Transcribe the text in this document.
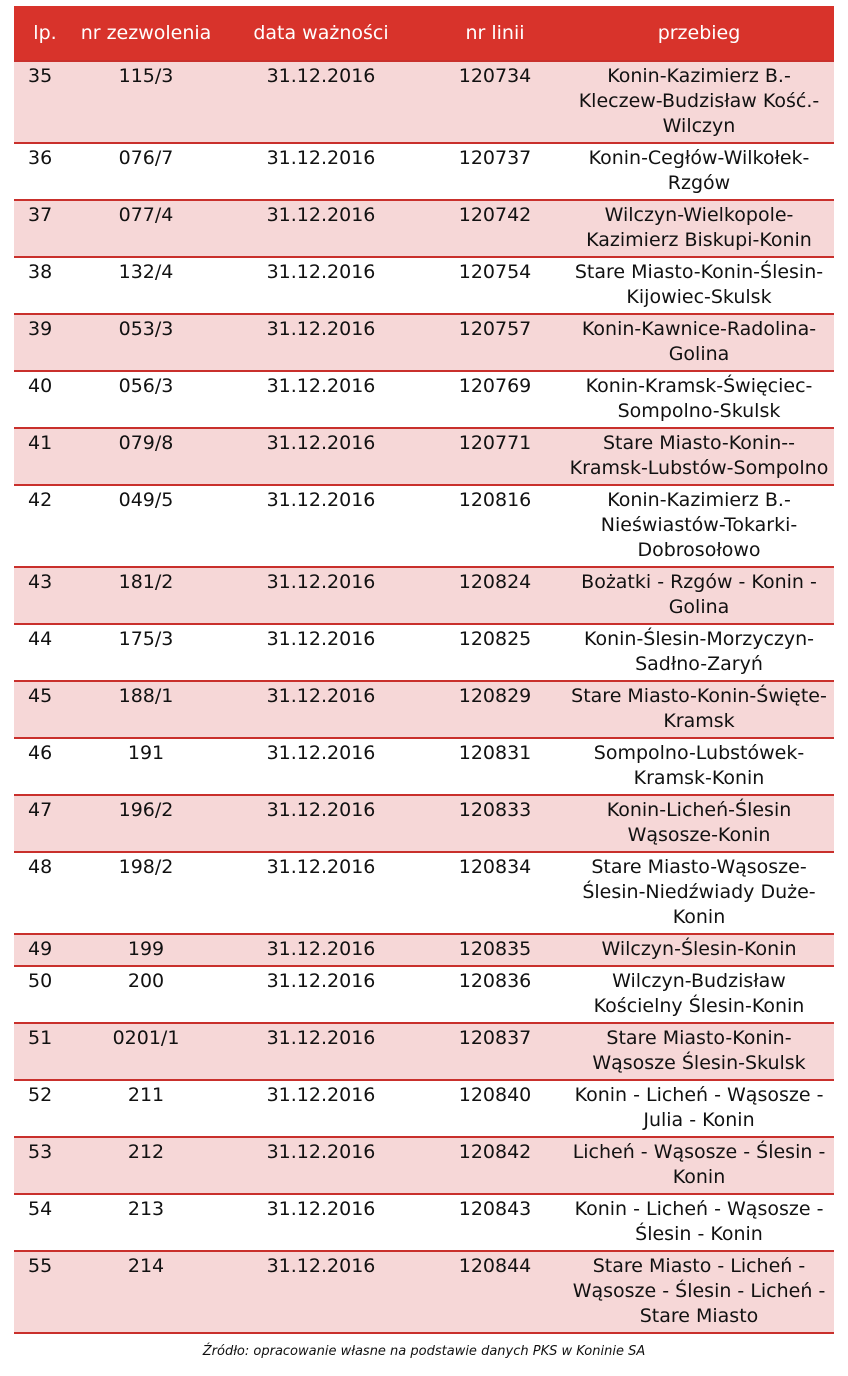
lp.	nr zezwolenia	data ważności	nr linii	przebieg
35	115/3	31.12.2016	120734	Konin-Kazimierz B.-Kleczew-Budzisław Kość.-Wilczyn
36	076/7	31.12.2016	120737	Konin-Cegłów-Wilkołek-Rzgów
37	077/4	31.12.2016	120742	Wilczyn-Wielkopole-Kazimierz Biskupi-Konin
38	132/4	31.12.2016	120754	Stare Miasto-Konin-Ślesin-Kijowiec-Skulsk
39	053/3	31.12.2016	120757	Konin-Kawnice-Radolina-Golina
40	056/3	31.12.2016	120769	Konin-Kramsk-Święciec-Sompolno-Skulsk
41	079/8	31.12.2016	120771	Stare Miasto-Konin--Kramsk-Lubstów-Sompolno
42	049/5	31.12.2016	120816	Konin-Kazimierz B.-Nieświastów-Tokarki-Dobrosołowo
43	181/2	31.12.2016	120824	Bożatki - Rzgów - Konin - Golina
44	175/3	31.12.2016	120825	Konin-Ślesin-Morzyczyn-Sadłno-Zaryń
45	188/1	31.12.2016	120829	Stare Miasto-Konin-Święte-Kramsk
46	191	31.12.2016	120831	Sompolno-Lubstówek-Kramsk-Konin
47	196/2	31.12.2016	120833	Konin-Licheń-Ślesin Wąsosze-Konin
48	198/2	31.12.2016	120834	Stare Miasto-Wąsosze-Ślesin-Niedźwiady Duże-Konin
49	199	31.12.2016	120835	Wilczyn-Ślesin-Konin
50	200	31.12.2016	120836	Wilczyn-Budzisław Kościelny Ślesin-Konin
51	0201/1	31.12.2016	120837	Stare Miasto-Konin-Wąsosze Ślesin-Skulsk
52	211	31.12.2016	120840	Konin - Licheń - Wąsosze - Julia - Konin
53	212	31.12.2016	120842	Licheń - Wąsosze - Ślesin - Konin
54	213	31.12.2016	120843	Konin - Licheń - Wąsosze - Ślesin - Konin
55	214	31.12.2016	120844	Stare Miasto - Licheń - Wąsosze - Ślesin - Licheń - Stare Miasto
Źródło: opracowanie własne na podstawie danych PKS w Koninie SA
